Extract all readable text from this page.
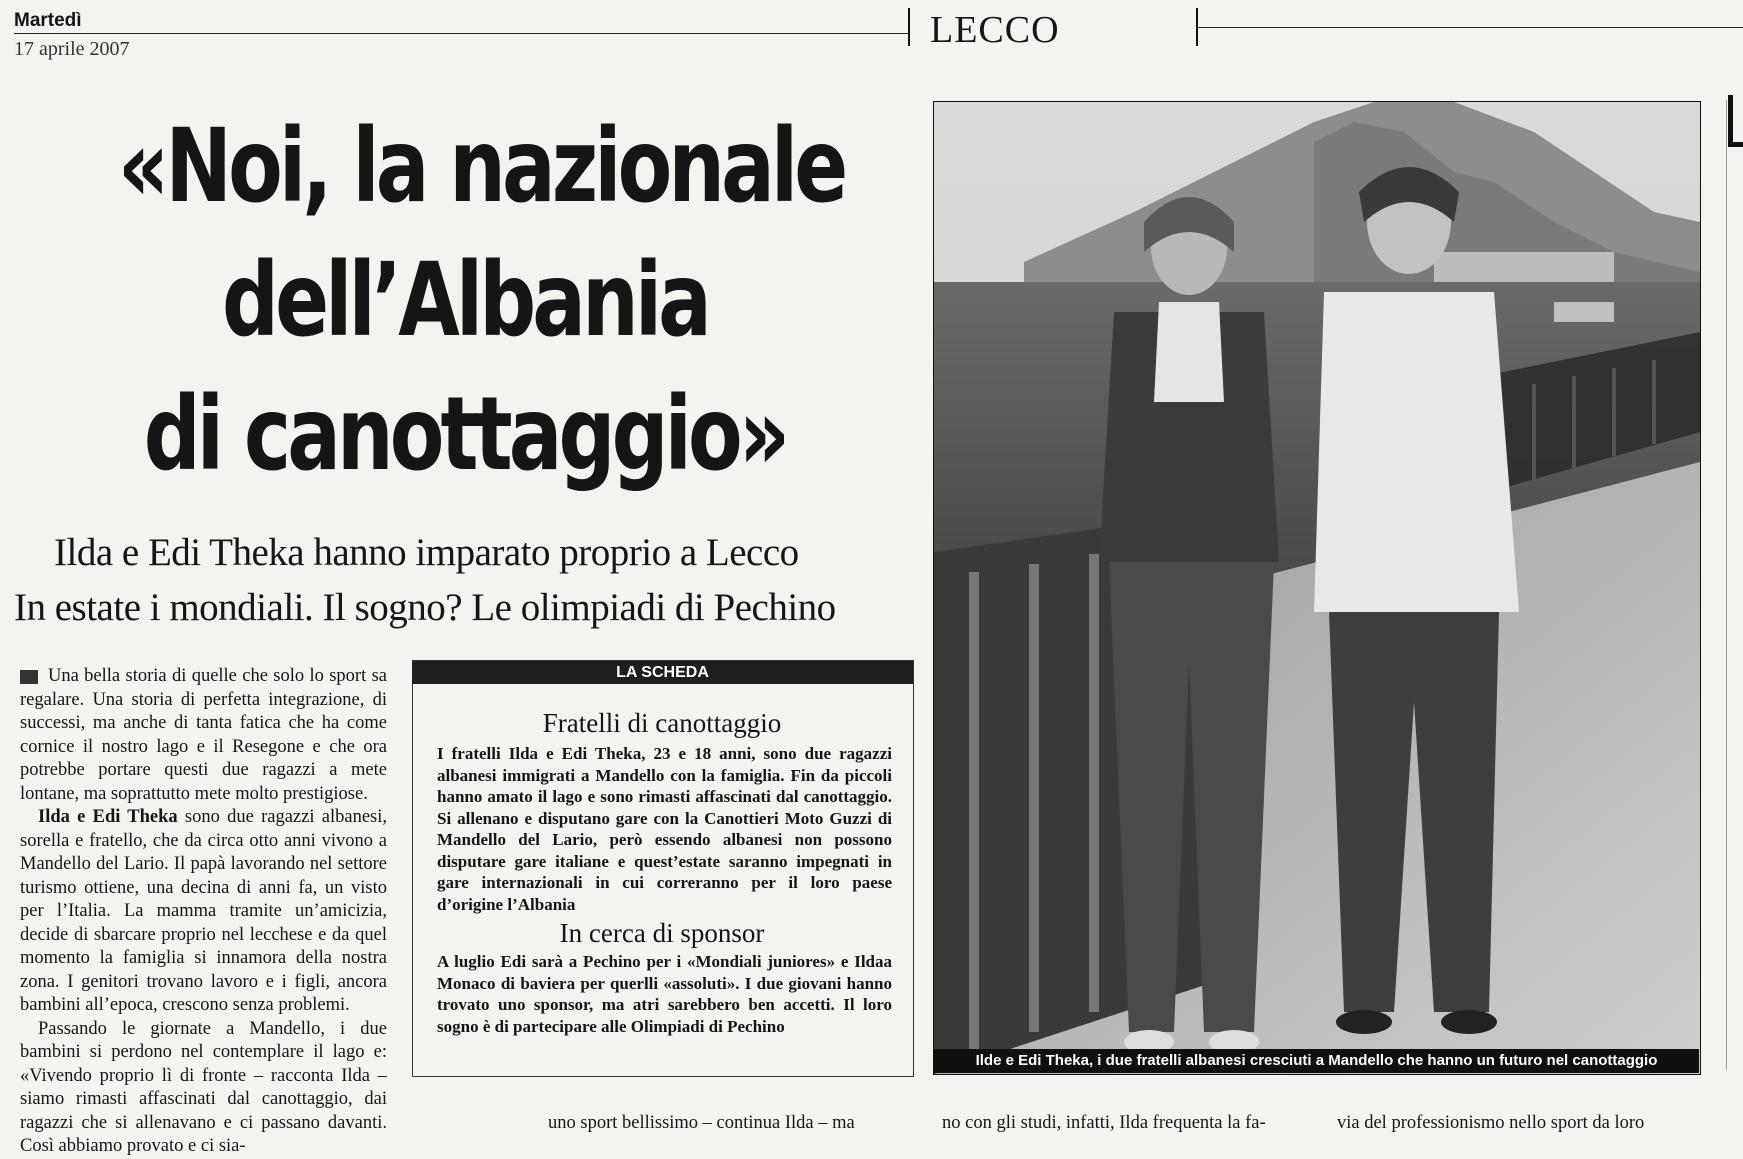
Martedì
17 aprile 2007	LECCO
«Noi, la nazionale
dell’Albania
di canottaggio»
Ilda e Edi Theka hanno imparato proprio a Lecco
In estate i mondiali. Il sogno? Le olimpiadi di Pechino

Una bella storia di quelle che solo lo sport sa regalare. Una storia di perfetta integrazione, di successi, ma anche di tanta fatica che ha come cornice il nostro lago e il Resegone e che ora potrebbe portare questi due ragazzi a mete lontane, ma soprattutto mete molto prestigiose.

Ilda e Edi Theka sono due ragazzi albanesi, sorella e fratello, che da circa otto anni vivono a Mandello del Lario. Il papà lavorando nel settore turismo ottiene, una decina di anni fa, un visto per l’Italia. La mamma tramite un’amicizia, decide di sbarcare proprio nel lecchese e da quel momento la famiglia si innamora della nostra zona. I genitori trovano lavoro e i figli, ancora bambini all’epoca, crescono senza problemi.

Passando le giornate a Mandello, i due bambini si perdono nel contemplare il lago e: «Vivendo proprio lì di fronte – racconta Ilda – siamo rimasti affascinati dal canottaggio, dai ragazzi che si allenavano e ci passano davanti. Così abbiamo provato e ci sia-

LA SCHEDA
Fratelli di canottaggio
I fratelli Ilda e Edi Theka, 23 e 18 anni, sono due ragazzi albanesi immigrati a Mandello con la famiglia. Fin da piccoli hanno amato il lago e sono rimasti affascinati dal canottaggio. Si allenano e disputano gare con la Canottieri Moto Guzzi di Mandello del Lario, però essendo albanesi non possono disputare gare italiane e quest’estate saranno impegnati in gare internazionali in cui correranno per il loro paese d’origine l’Albania
In cerca di sponsor
A luglio Edi sarà a Pechino per i «Mondiali juniores» e Ildaa Monaco di baviera per querlli «assoluti». I due giovani hanno trovato uno sponsor, ma atri sarebbero ben accetti. Il loro sogno è di partecipare alle Olimpiadi di Pechino
uno sport bellissimo – continua Ilda – ma	no con gli studi, infatti, Ilda frequenta la fa-	via del professionismo nello sport da loro
Ilde e Edi Theka, i due fratelli albanesi cresciuti a Mandello che hanno un futuro nel canottaggio
